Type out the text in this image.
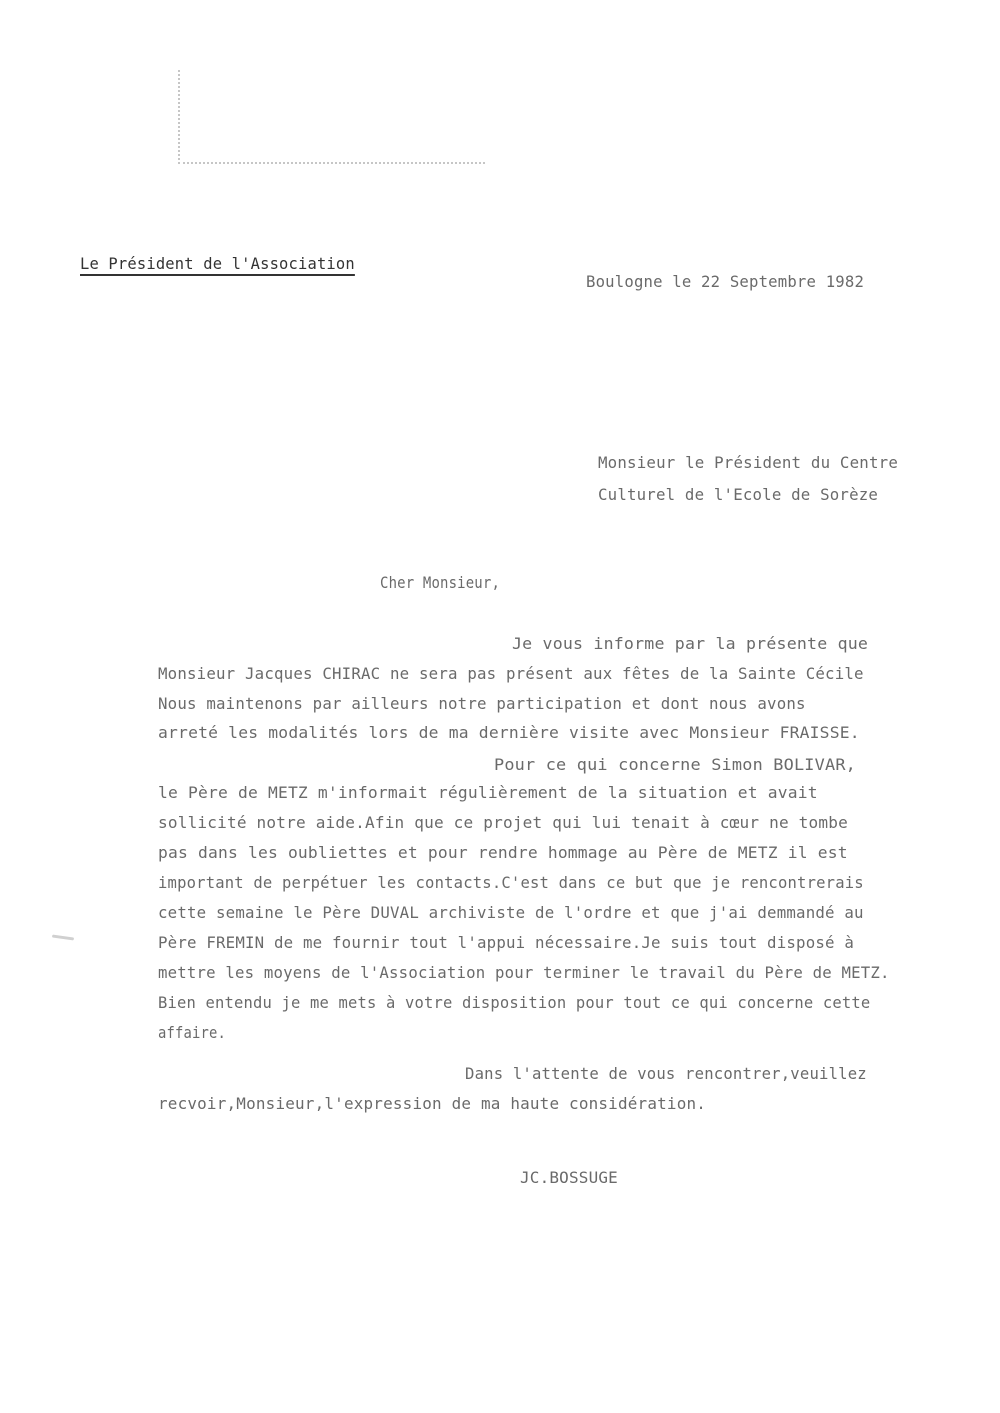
Le Président de l'Association
Boulogne le 22 Septembre 1982
Monsieur le Président du Centre
Culturel de l'Ecole de Sorèze
Cher Monsieur,
Je vous informe par la présente que
Monsieur Jacques CHIRAC ne sera pas présent aux fêtes de la Sainte Cécile
Nous maintenons par ailleurs notre participation et dont nous avons
arreté les modalités lors de ma dernière visite avec Monsieur FRAISSE.
Pour ce qui concerne Simon BOLIVAR,
le Père de METZ m'informait régulièrement de la situation et avait
sollicité notre aide.Afin que ce projet qui lui tenait à cœur ne tombe
pas dans les oubliettes et pour rendre hommage au Père de METZ il est
important de perpétuer les contacts.C'est dans ce but que je rencontrerais
cette semaine le Père DUVAL archiviste de l'ordre et que j'ai demmandé au
Père FREMIN de me fournir tout l'appui nécessaire.Je suis tout disposé à
mettre les moyens de l'Association pour terminer le travail du Père de METZ.
Bien entendu je me mets à votre disposition pour tout ce qui concerne cette
affaire.
Dans l'attente de vous rencontrer,veuillez
recvoir,Monsieur,l'expression de ma haute considération.
JC.BOSSUGE
